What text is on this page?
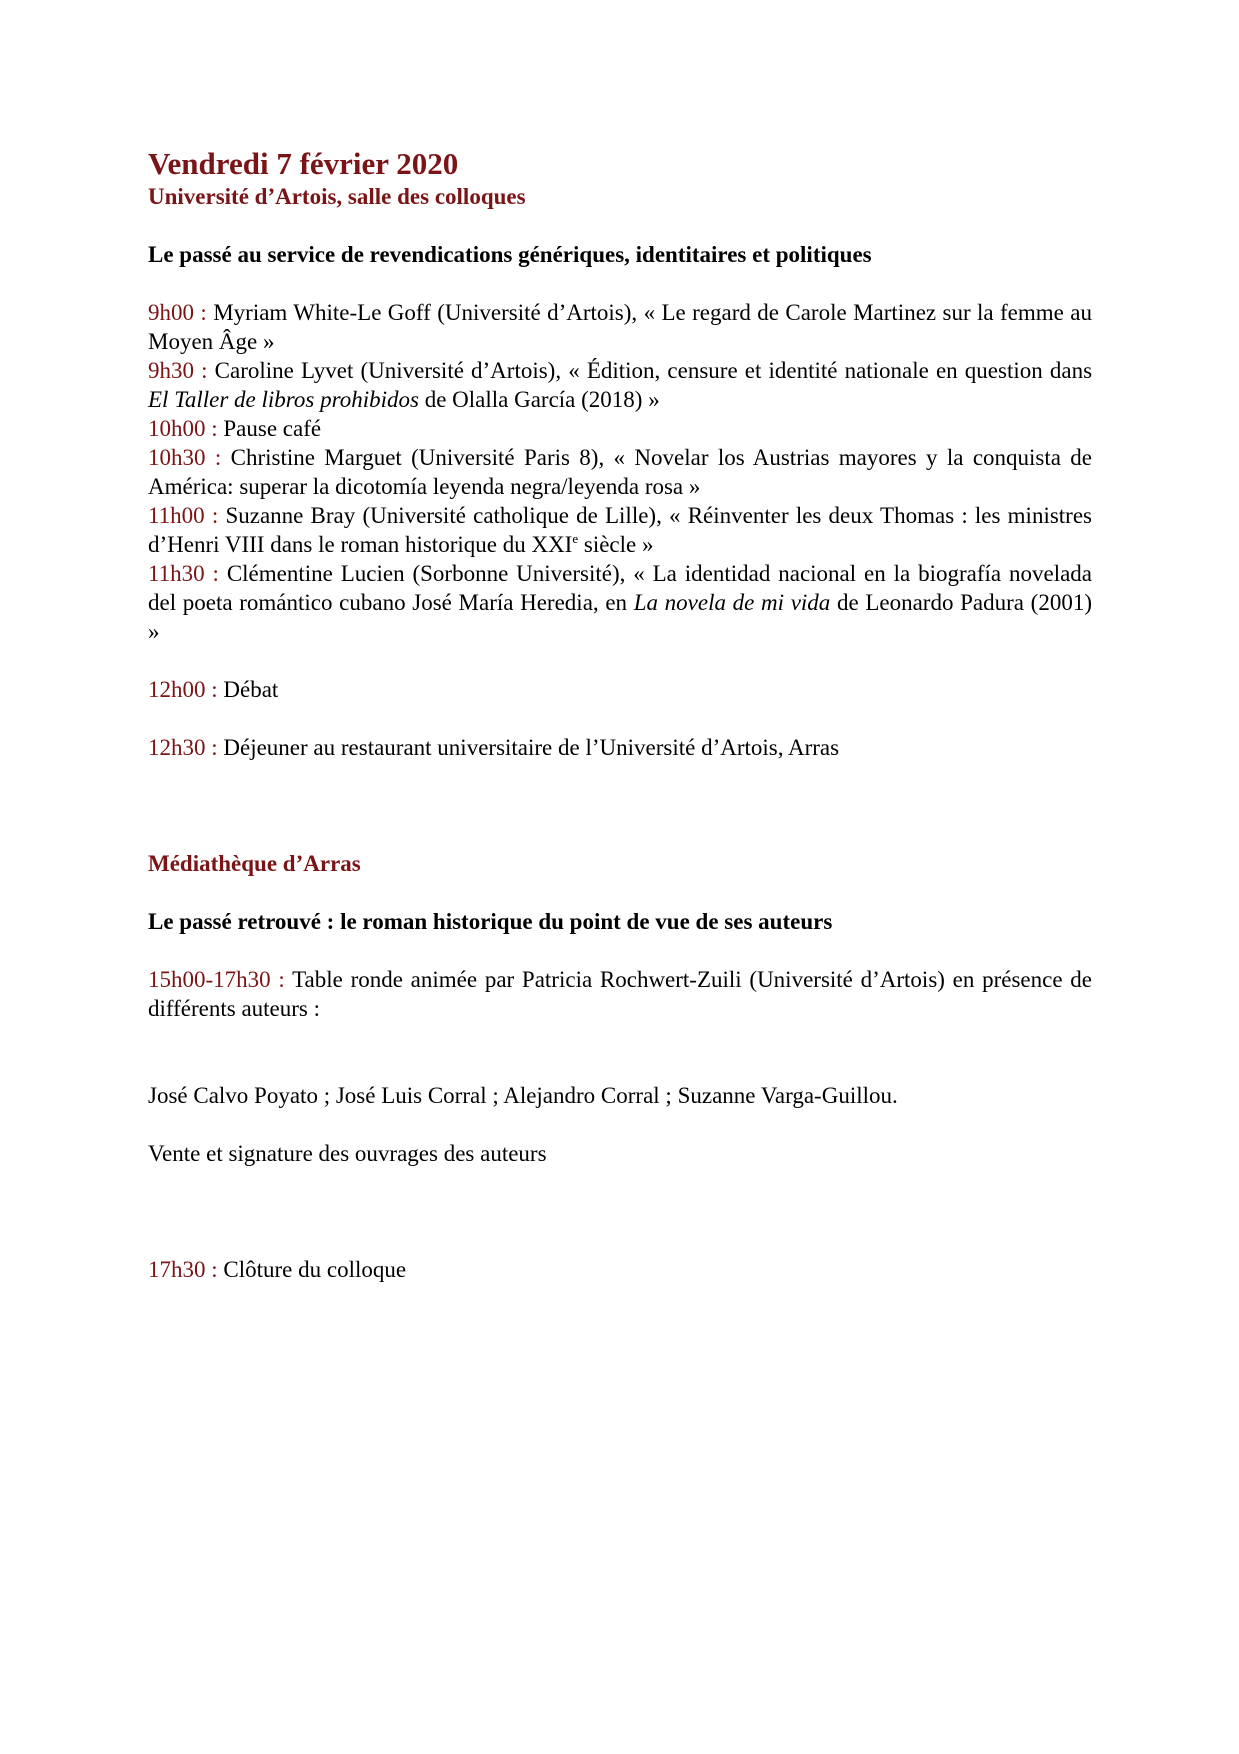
Vendredi 7 février 2020
Université d’Artois, salle des colloques

Le passé au service de revendications génériques, identitaires et politiques

9h00 : Myriam White-Le Goff (Université d’Artois), « Le regard de Carole Martinez sur la femme au Moyen Âge »

9h30 : Caroline Lyvet (Université d’Artois), « Édition, censure et identité nationale en question dans El Taller de libros prohibidos de Olalla García (2018) »

10h00 : Pause café

10h30 : Christine Marguet (Université Paris 8), « Novelar los Austrias mayores y la conquista de América: superar la dicotomía leyenda negra/leyenda rosa »

11h00 : Suzanne Bray (Université catholique de Lille), « Réinventer les deux Thomas : les ministres d’Henri VIII dans le roman historique du XXIe siècle »

11h30 : Clémentine Lucien (Sorbonne Université), « La identidad nacional en la biografía novelada del poeta romántico cubano José María Heredia, en La novela de mi vida de Leonardo Padura (2001) »

12h00 : Débat

12h30 : Déjeuner au restaurant universitaire de l’Université d’Artois, Arras

Médiathèque d’Arras

Le passé retrouvé : le roman historique du point de vue de ses auteurs

15h00-17h30 : Table ronde animée par Patricia Rochwert-Zuili (Université d’Artois) en présence de différents auteurs :

José Calvo Poyato ; José Luis Corral ; Alejandro Corral ; Suzanne Varga-Guillou.

Vente et signature des ouvrages des auteurs

17h30 : Clôture du colloque
